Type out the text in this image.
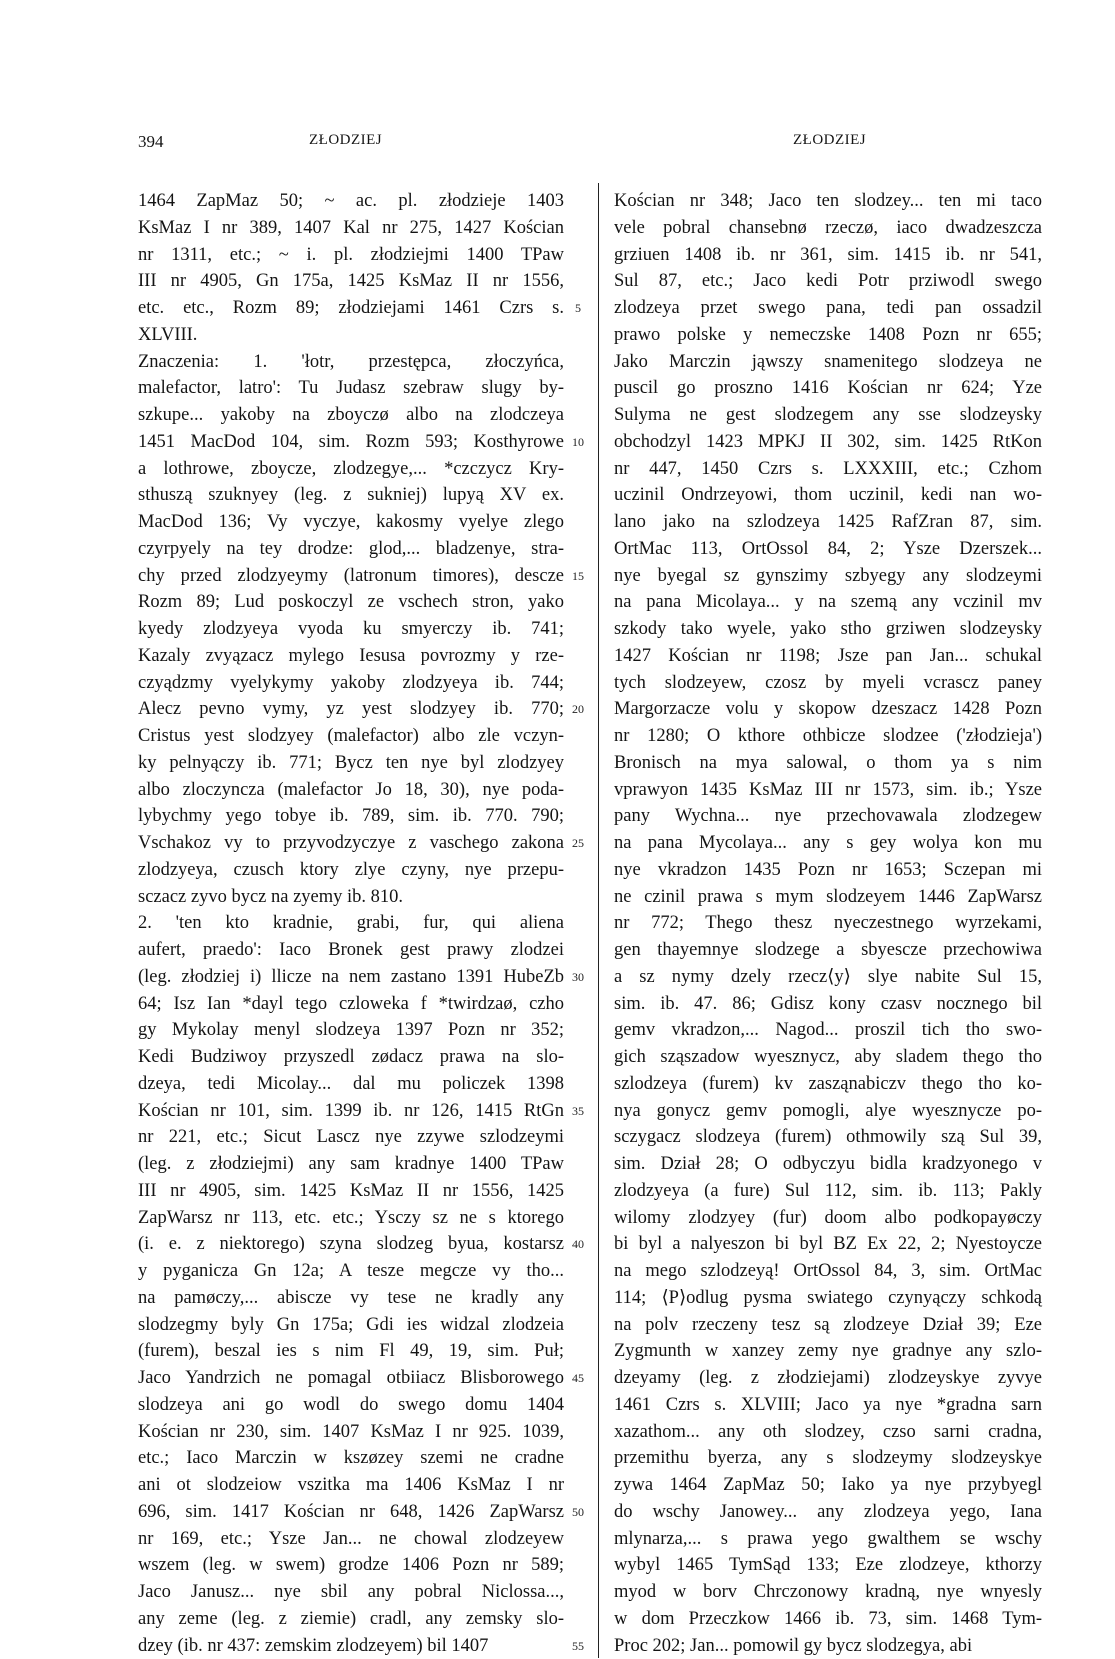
394	ZŁODZIEJ	ZŁODZIEJ
1464 ZapMaz 50; ~ ac. pl. złodzieje 1403
KsMaz I nr 389, 1407 Kal nr 275, 1427 Kościan
nr 1311, etc.; ~ i. pl. złodziejmi 1400 TPaw
III nr 4905, Gn 175a, 1425 KsMaz II nr 1556,
etc. etc., Rozm 89; złodziejami 1461 Czrs s.
XLVIII.
Znaczenia: 1. 'łotr, przestępca, złoczyńca,
malefactor, latro': Tu Judasz szebraw slugy by-
szkupe... yakoby na zboyczø albo na zlodczeya
1451 MacDod 104, sim. Rozm 593; Kosthyrowe
a lothrowe, zboycze, zlodzegye,... *czczycz Kry-
sthuszą szuknyey (leg. z sukniej) lupyą XV ex.
MacDod 136; Vy vyczye, kakosmy vyelye zlego
czyrpyely na tey drodze: glod,... bladzenye, stra-
chy przed zlodzyeymy (latronum timores), descze
Rozm 89; Lud poskoczyl ze vschech stron, yako
kyedy zlodzyeya vyoda ku smyerczy ib. 741;
Kazaly zvyązacz mylego Iesusa povrozmy y rze-
czyądzmy vyelykymy yakoby zlodzyeya ib. 744;
Alecz pevno vymy, yz yest slodzyey ib. 770;
Cristus yest slodzyey (malefactor) albo zle vczyn-
ky pelnyączy ib. 771; Bycz ten nye byl zlodzyey
albo zloczyncza (malefactor Jo 18, 30), nye poda-
lybychmy yego tobye ib. 789, sim. ib. 770. 790;
Vschakoz vy to przyvodzyczye z vaschego zakona
zlodzyeya, czusch ktory zlye czyny, nye przepu-
sczacz zyvo bycz na zyemy ib. 810.
2. 'ten kto kradnie, grabi, fur, qui aliena
aufert, praedo': Iaco Bronek gest prawy zlodzei
(leg. złodziej i) llicze na nem zastano 1391 HubeZb
64; Isz Ian *dayl tego czloweka f *twirdzaø, czho
gy Mykolay menyl slodzeya 1397 Pozn nr 352;
Kedi Budziwoy przyszedl zødacz prawa na slo-
dzeya, tedi Micolay... dal mu policzek 1398
Kościan nr 101, sim. 1399 ib. nr 126, 1415 RtGn
nr 221, etc.; Sicut Lascz nye zzywe szlodzeymi
(leg. z złodziejmi) any sam kradnye 1400 TPaw
III nr 4905, sim. 1425 KsMaz II nr 1556, 1425
ZapWarsz nr 113, etc. etc.; Ysczy sz ne s ktorego
(i. e. z niektorego) szyna slodzeg byua, kostarsz
y pyganicza Gn 12a; A tesze megcze vy tho...
na pamøczy,... abiscze vy tese ne kradly any
slodzegmy byly Gn 175a; Gdi ies widzal zlodzeia
(furem), beszal ies s nim Fl 49, 19, sim. Puł;
Jaco Yandrzich ne pomagal otbiiacz Blisborowego
slodzeya ani go wodl do swego domu 1404
Kościan nr 230, sim. 1407 KsMaz I nr 925. 1039,
etc.; Iaco Marczin w kszøzey szemi ne cradne
ani ot slodzeiow vszitka ma 1406 KsMaz I nr
696, sim. 1417 Kościan nr 648, 1426 ZapWarsz
nr 169, etc.; Ysze Jan... ne chowal zlodzeyew
wszem (leg. w swem) grodze 1406 Pozn nr 589;
Jaco Janusz... nye sbil any pobral Niclossa...,
any zeme (leg. z ziemie) cradl, any zemsky slo-
dzey (ib. nr 437: zemskim zlodzeyem) bil 1407
5
10
15
20
25
30
35
40
45
50
55
Kościan nr 348; Jaco ten slodzey... ten mi taco
vele pobral chansebnø rzeczø, iaco dwadzeszcza
grziuen 1408 ib. nr 361, sim. 1415 ib. nr 541,
Sul 87, etc.; Jaco kedi Potr prziwodl swego
zlodzeya przet swego pana, tedi pan ossadzil
prawo polske y nemeczske 1408 Pozn nr 655;
Jako Marczin jąwszy snamenitego slodzeya ne
puscil go proszno 1416 Kościan nr 624; Yze
Sulyma ne gest slodzegem any sse slodzeysky
obchodzyl 1423 MPKJ II 302, sim. 1425 RtKon
nr 447, 1450 Czrs s. LXXXIII, etc.; Czhom
uczinil Ondrzeyowi, thom uczinil, kedi nan wo-
lano jako na szlodzeya 1425 RafZran 87, sim.
OrtMac 113, OrtOssol 84, 2; Ysze Dzerszek...
nye byegal sz gynszimy szbyegy any slodzeymi
na pana Micolaya... y na szemą any vczinil mv
szkody tako wyele, yako stho grziwen slodzeysky
1427 Kościan nr 1198; Jsze pan Jan... schukal
tych slodzeyew, czosz by myeli vcrascz paney
Margorzacze volu y skopow dzeszacz 1428 Pozn
nr 1280; O kthore othbicze slodzee ('złodzieja')
Bronisch na mya salowal, o thom ya s nim
vprawyon 1435 KsMaz III nr 1573, sim. ib.; Ysze
pany Wychna... nye przechovawala zlodzegew
na pana Mycolaya... any s gey wolya kon mu
nye vkradzon 1435 Pozn nr 1653; Sczepan mi
ne czinil prawa s mym slodzeyem 1446 ZapWarsz
nr 772; Thego thesz nyeczestnego wyrzekami,
gen thayemnye slodzege a sbyescze przechowiwa
a sz nymy dzely rzecz⟨y⟩ slye nabite Sul 15,
sim. ib. 47. 86; Gdisz kony czasv nocznego bil
gemv vkradzon,... Nagod... proszil tich tho swo-
gich sząszadow wyesznycz, aby sladem thego tho
szlodzeya (furem) kv zasząnabiczv thego tho ko-
nya gonycz gemv pomogli, alye wyesznycze po-
sczygacz slodzeya (furem) othmowily szą Sul 39,
sim. Dział 28; O odbyczyu bidla kradzyonego v
zlodzyeya (a fure) Sul 112, sim. ib. 113; Pakly
wilomy zlodzyey (fur) doom albo podkopayøczy
bi byl a nalyeszon bi byl BZ Ex 22, 2; Nyestoycze
na mego szlodzeyą! OrtOssol 84, 3, sim. OrtMac
114; ⟨P⟩odlug pysma swiatego czynyączy schkodą
na polv rzeczeny tesz są zlodzeye Dział 39; Eze
Zygmunth w xanzey zemy nye gradnye any szlo-
dzeyamy (leg. z złodziejami) zlodzeyskye zyvye
1461 Czrs s. XLVIII; Jaco ya nye *gradna sarn
xazathom... any oth slodzey, czso sarni cradna,
przemithu byerza, any s slodzeymy slodzeyskye
zywa 1464 ZapMaz 50; Iako ya nye przybyegl
do wschy Janowey... any zlodzeya yego, Iana
mlynarza,... s prawa yego gwalthem se wschy
wybyl 1465 TymSąd 133; Eze zlodzeye, kthorzy
myod w borv Chrczonowy kradną, nye wnyesly
w dom Przeczkow 1466 ib. 73, sim. 1468 Tym-
Proc 202; Jan... pomowil gy bycz slodzegya, abi
